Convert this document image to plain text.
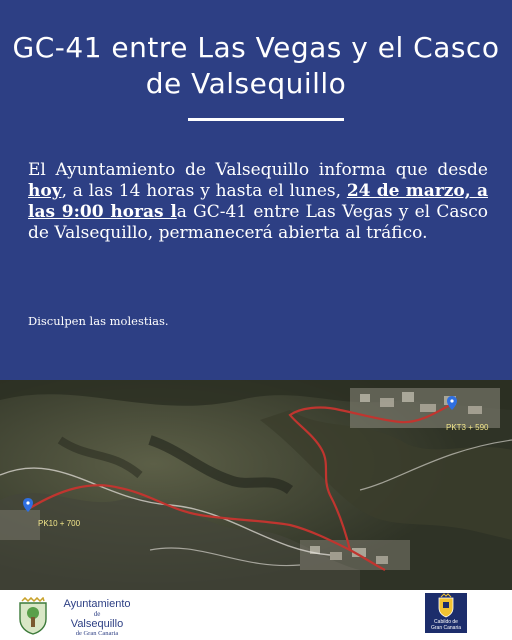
GC-41 entre Las Vegas y el Casco
de Valsequillo
El Ayuntamiento de Valsequillo informa que desde hoy, a las 14 horas y hasta el lunes, 24 de marzo, a las 9:00 horas la GC-41 entre Las Vegas y el Casco de Valsequillo, permanecerá abierta al tráfico.
Disculpen las molestias.
PKT3 + 590
PK10 + 700
Ayuntamiento
de
Valsequillo
de Gran Canaria
Cabildo de
Gran Canaria
